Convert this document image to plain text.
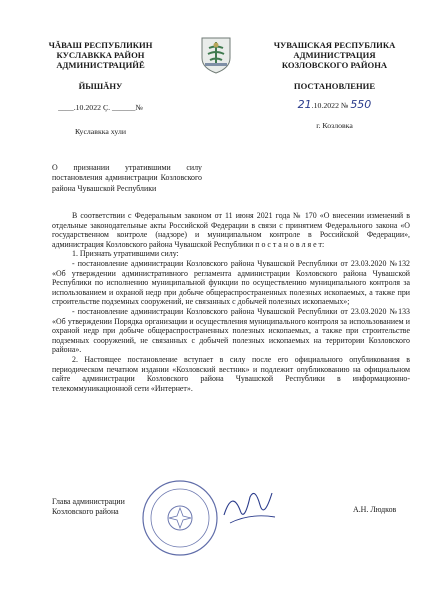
ЧĂВАШ РЕСПУБЛИКИН
КУСЛАВККА РАЙОН
АДМИНИСТРАЦИЙĔ
ЙЫШĂНУ
____.10.2022 Ç. ______№
Куславкка хули
ЧУВАШСКАЯ РЕСПУБЛИКА
АДМИНИСТРАЦИЯ
КОЗЛОВСКОГО РАЙОНА
ПОСТАНОВЛЕНИЕ
21.10.2022 № 550
г. Козловка
О признании утратившими силу постановления администрации Козловского района Чувашской Республики

В соответствии с Федеральным законом от 11 июня 2021 года № 170 «О внесении изменений в отдельные законодательные акты Российской Федерации в связи с принятием Федерального закона «О государственном контроле (надзоре) и муниципальном контроле в Российской Федерации», администрация Козловского района Чувашской Республики п о с т а н о в л я е т:

1. Признать утратившими силу:

- постановление администрации Козловского района Чувашской Республики от 23.03.2020 №132 «Об утверждении административного регламента администрации Козловского района Чувашской Республики по исполнению муниципальной функции по осуществлению муниципального контроля за использованием и охраной недр при добыче общераспространенных полезных ископаемых, а также при строительстве подземных сооружений, не связанных с добычей полезных ископаемых»;

- постановление администрации Козловского района Чувашской Республики от 23.03.2020 №133 «Об утверждении Порядка организации и осуществления муниципального контроля за использованием и охраной недр при добыче общераспространенных полезных ископаемых, а также при строительстве подземных сооружений, не связанных с добычей полезных ископаемых на территории Козловского района».

2. Настоящее постановление вступает в силу после его официального опубликования в периодическом печатном издании «Козловский вестник» и подлежит опубликованию на официальном сайте администрации Козловского района Чувашской Республики в информационно-телекоммуникационной сети «Интернет».

Глава администрации
Козловского района	А.Н. Людков
